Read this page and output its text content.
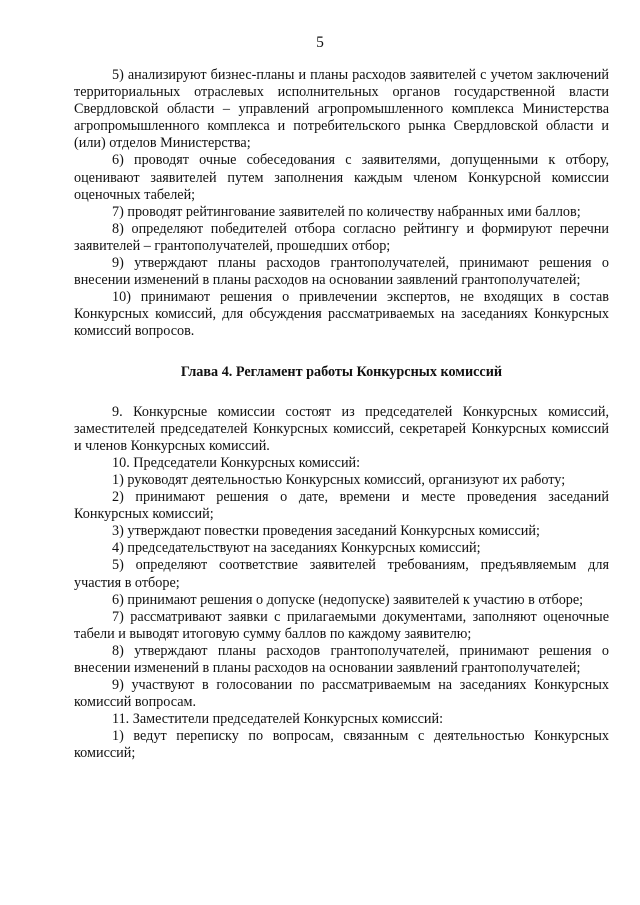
5

5) анализируют бизнес-планы и планы расходов заявителей с учетом заключений территориальных отраслевых исполнительных органов государственной власти Свердловской области – управлений агропромышленного комплекса Министерства агропромышленного комплекса и потребительского рынка Свердловской области и (или) отделов Министерства;

6) проводят очные собеседования с заявителями, допущенными к отбору, оценивают заявителей путем заполнения каждым членом Конкурсной комиссии оценочных табелей;

7) проводят рейтингование заявителей по количеству набранных ими баллов;

8) определяют победителей отбора согласно рейтингу и формируют перечни заявителей – грантополучателей, прошедших отбор;

9) утверждают планы расходов грантополучателей, принимают решения о внесении изменений в планы расходов на основании заявлений грантополучателей;

10) принимают решения о привлечении экспертов, не входящих в состав Конкурсных комиссий, для обсуждения рассматриваемых на заседаниях Конкурсных комиссий вопросов.

Глава 4. Регламент работы Конкурсных комиссий

9. Конкурсные комиссии состоят из председателей Конкурсных комиссий, заместителей председателей Конкурсных комиссий, секретарей Конкурсных комиссий и членов Конкурсных комиссий.

10. Председатели Конкурсных комиссий:

1) руководят деятельностью Конкурсных комиссий, организуют их работу;

2) принимают решения о дате, времени и месте проведения заседаний Конкурсных комиссий;

3) утверждают повестки проведения заседаний Конкурсных комиссий;

4) председательствуют на заседаниях Конкурсных комиссий;

5) определяют соответствие заявителей требованиям, предъявляемым для участия в отборе;

6) принимают решения о допуске (недопуске) заявителей к участию в отборе;

7) рассматривают заявки с прилагаемыми документами, заполняют оценочные табели и выводят итоговую сумму баллов по каждому заявителю;

8) утверждают планы расходов грантополучателей, принимают решения о внесении изменений в планы расходов на основании заявлений грантополучателей;

9) участвуют в голосовании по рассматриваемым на заседаниях Конкурсных комиссий вопросам.

11. Заместители председателей Конкурсных комиссий:

1) ведут переписку по вопросам, связанным с деятельностью Конкурсных комиссий;
